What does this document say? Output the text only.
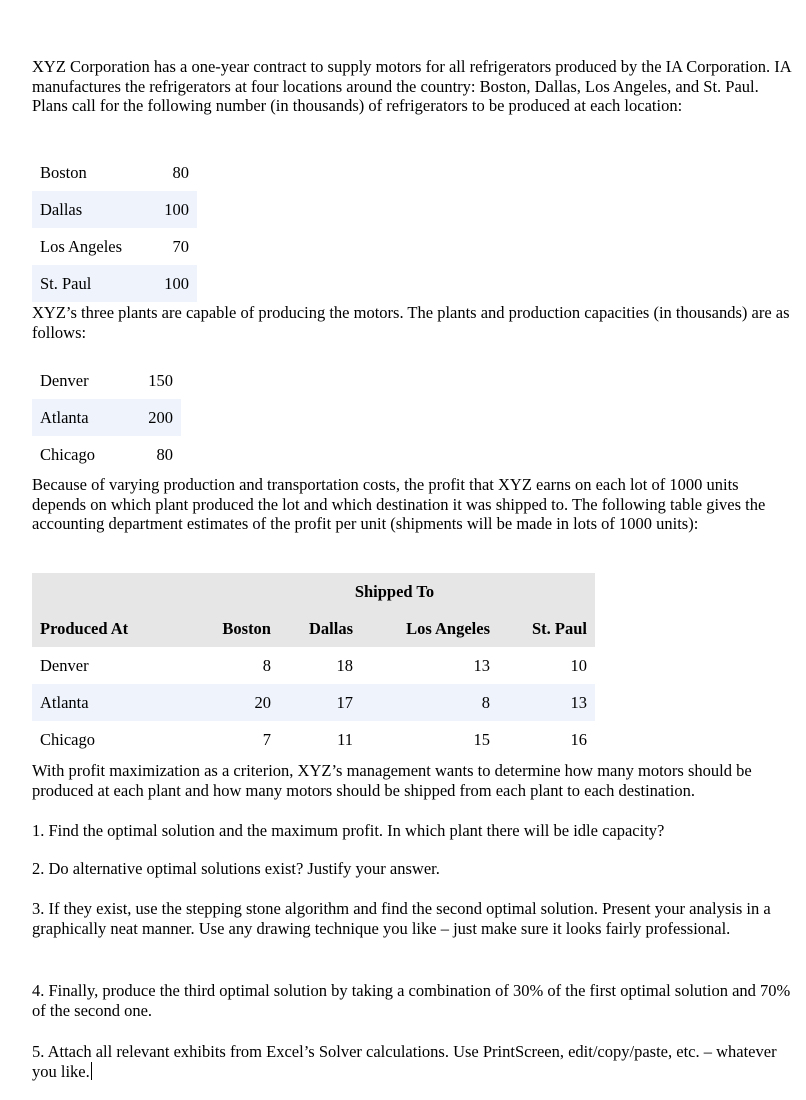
XYZ Corporation has a one-year contract to supply motors for all refrigerators produced by the IA Corporation. IA manufactures the refrigerators at four locations around the country: Boston, Dallas, Los Angeles, and St. Paul. Plans call for the following number (in thousands) of refrigerators to be produced at each location:

Boston	80
Dallas	100
Los Angeles	70
St. Paul	100

XYZ’s three plants are capable of producing the motors. The plants and production capacities (in thousands) are as follows:

Denver	150
Atlanta	200
Chicago	80

Because of varying production and transportation costs, the profit that XYZ earns on each lot of 1000 units depends on which plant produced the lot and which destination it was shipped to. The following table gives the accounting department estimates of the profit per unit (shipments will be made in lots of 1000 units):

	Shipped To			
Produced At	Boston	Dallas	Los Angeles	St. Paul
Denver	8	18	13	10
Atlanta	20	17	8	13
Chicago	7	11	15	16

With profit maximization as a criterion, XYZ’s management wants to determine how many motors should be produced at each plant and how many motors should be shipped from each plant to each destination.

1. Find the optimal solution and the maximum profit. In which plant there will be idle capacity?

2. Do alternative optimal solutions exist? Justify your answer.

3. If they exist, use the stepping stone algorithm and find the second optimal solution. Present your analysis in a graphically neat manner. Use any drawing technique you like – just make sure it looks fairly professional.

4. Finally, produce the third optimal solution by taking a combination of 30% of the first optimal solution and 70% of the second one.

5. Attach all relevant exhibits from Excel’s Solver calculations. Use PrintScreen, edit/copy/paste, etc. – whatever you like.
